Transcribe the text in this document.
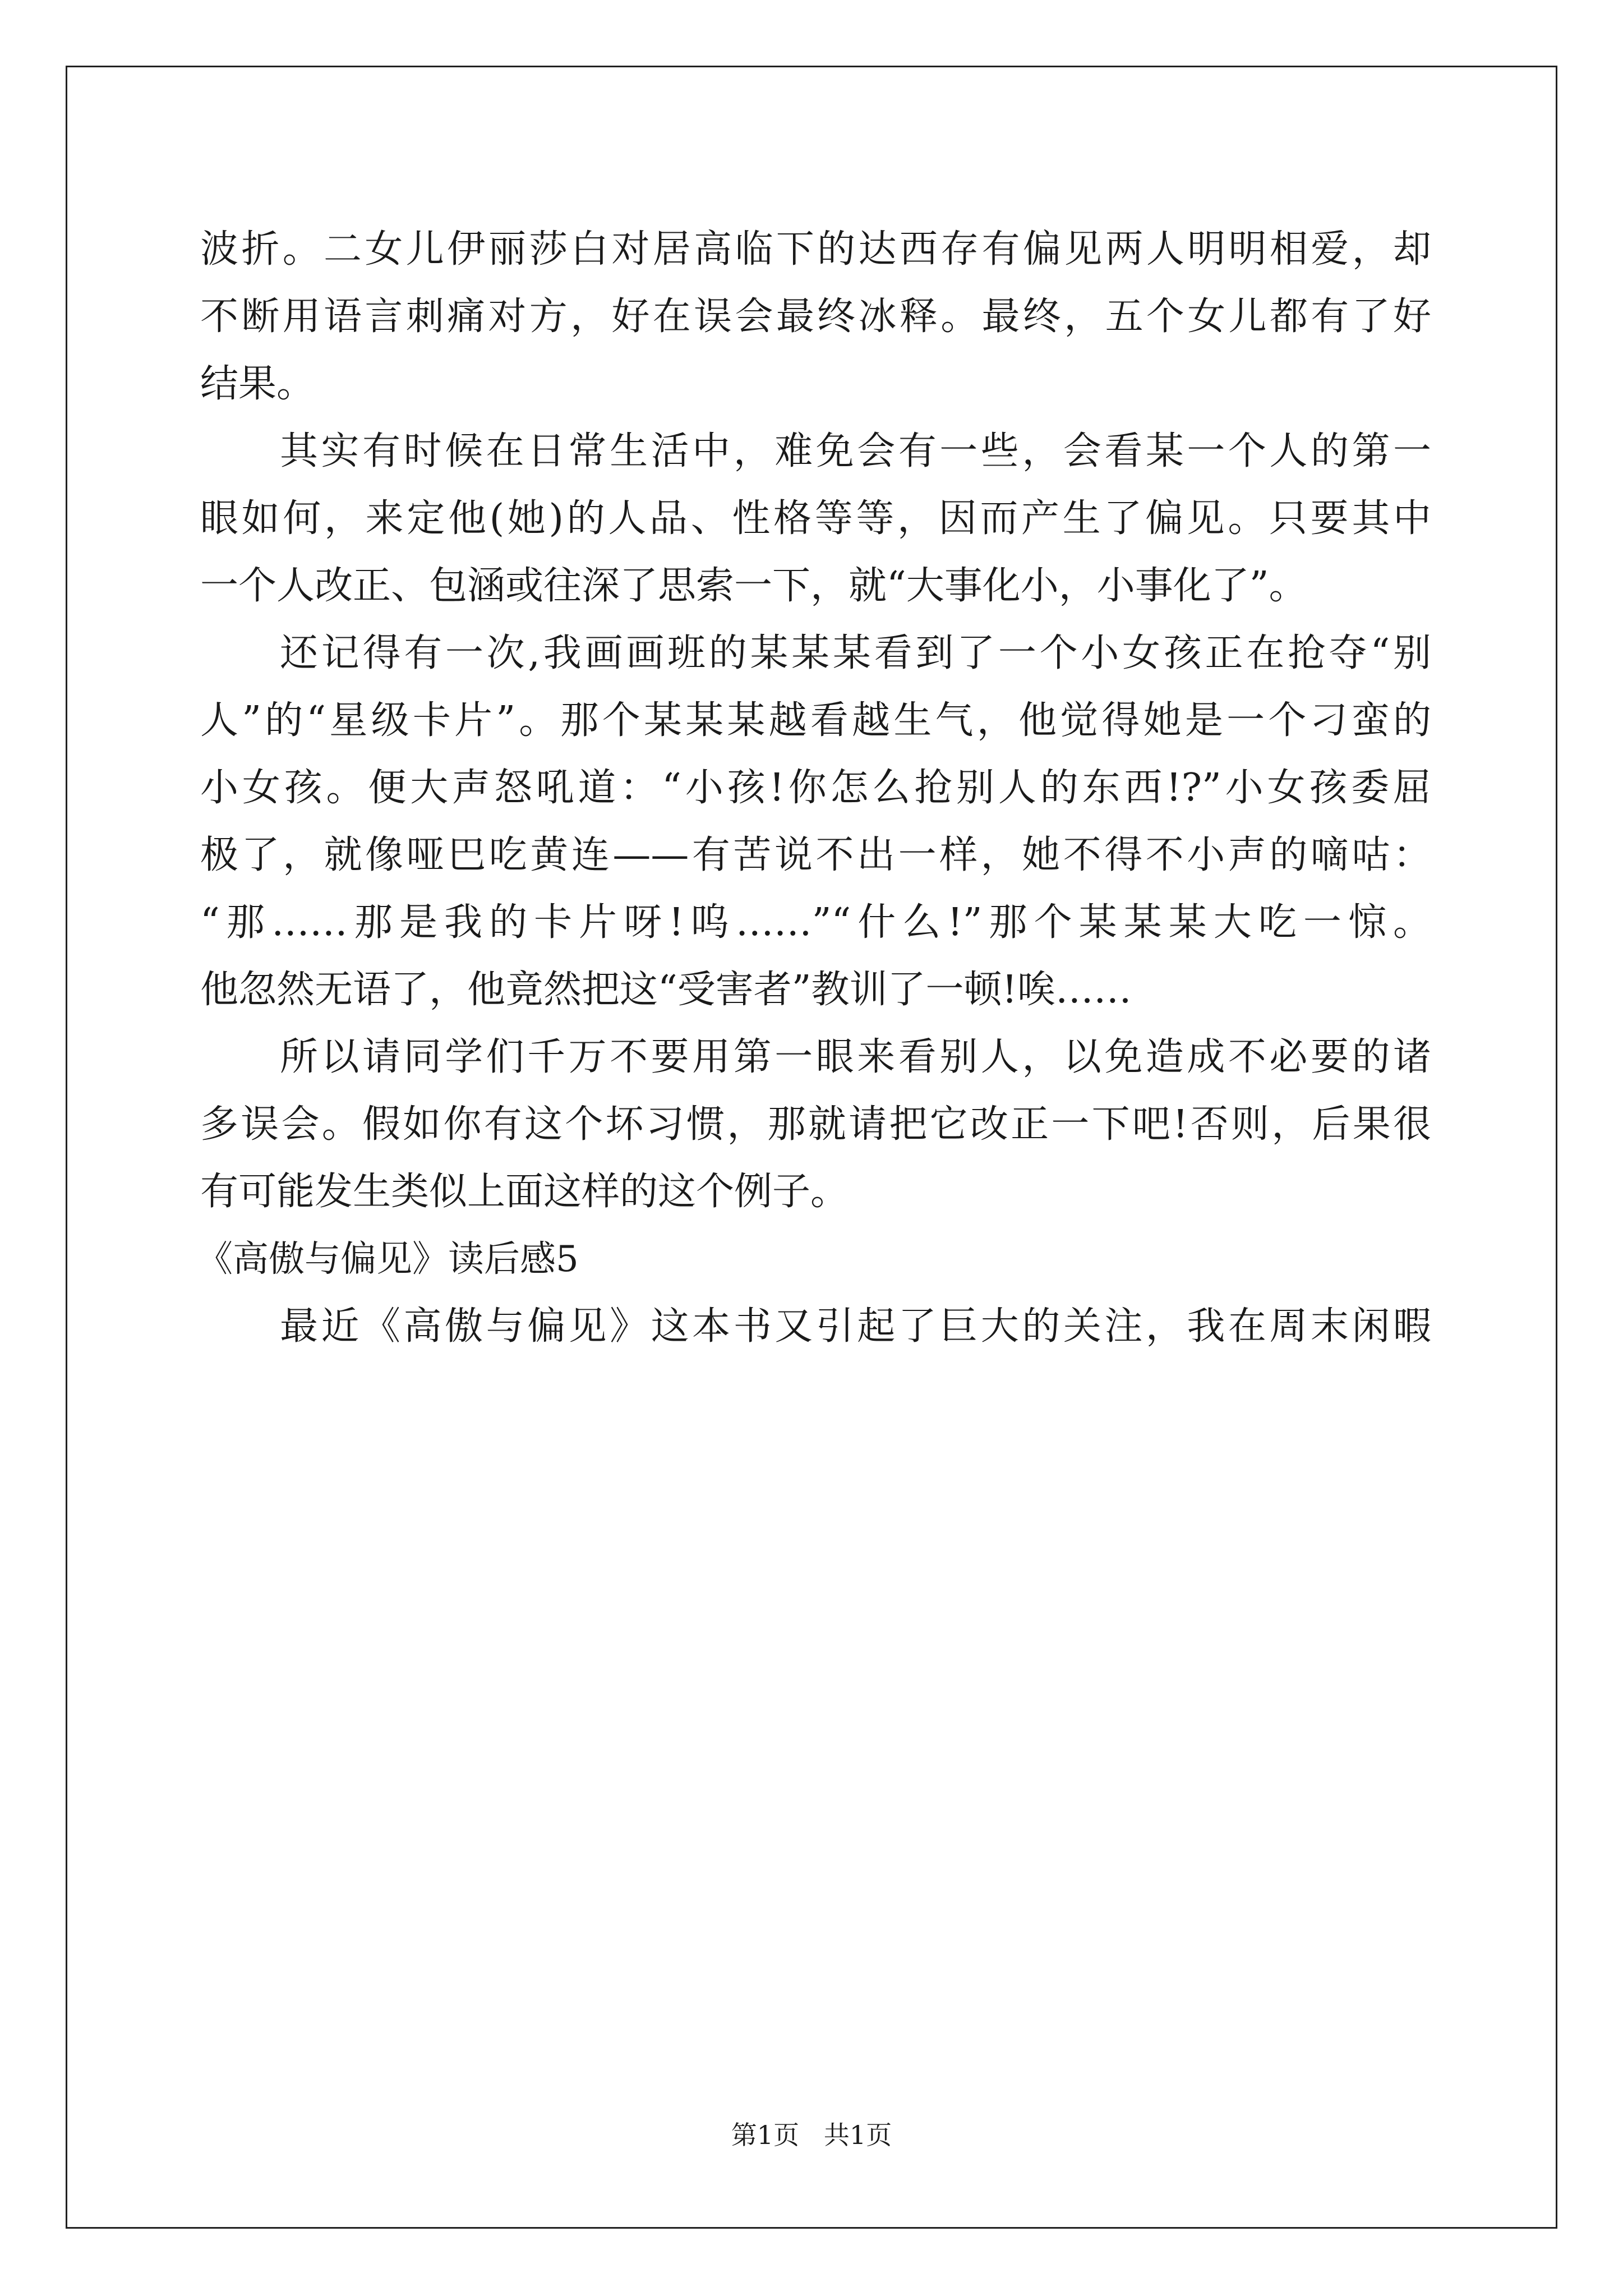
波折。二女儿伊丽莎白对居高临下的达西存有偏见两人明明相爱，却
不断用语言刺痛对方，好在误会最终冰释。最终，五个女儿都有了好
结果。
其实有时候在日常生活中，难免会有一些，会看某一个人的第一
眼如何，来定他(她)的人品、性格等等，因而产生了偏见。只要其中
一个人改正、包涵或往深了思索一下，就“大事化小，小事化了”。
还记得有一次,我画画班的某某某看到了一个小女孩正在抢夺“别
人”的“星级卡片”。那个某某某越看越生气，他觉得她是一个刁蛮的
小女孩。便大声怒吼道：“小孩!你怎么抢别人的东西!?”小女孩委屈
极了，就像哑巴吃黄连——有苦说不出一样，她不得不小声的嘀咕：
“那……那是我的卡片呀!呜……”“什么!”那个某某某大吃一惊。
他忽然无语了，他竟然把这“受害者”教训了一顿!唉……
所以请同学们千万不要用第一眼来看别人，以免造成不必要的诸
多误会。假如你有这个坏习惯，那就请把它改正一下吧!否则，后果很
有可能发生类似上面这样的这个例子。
《高傲与偏见》读后感5
最近《高傲与偏见》这本书又引起了巨大的关注，我在周末闲暇
第1页   共1页
